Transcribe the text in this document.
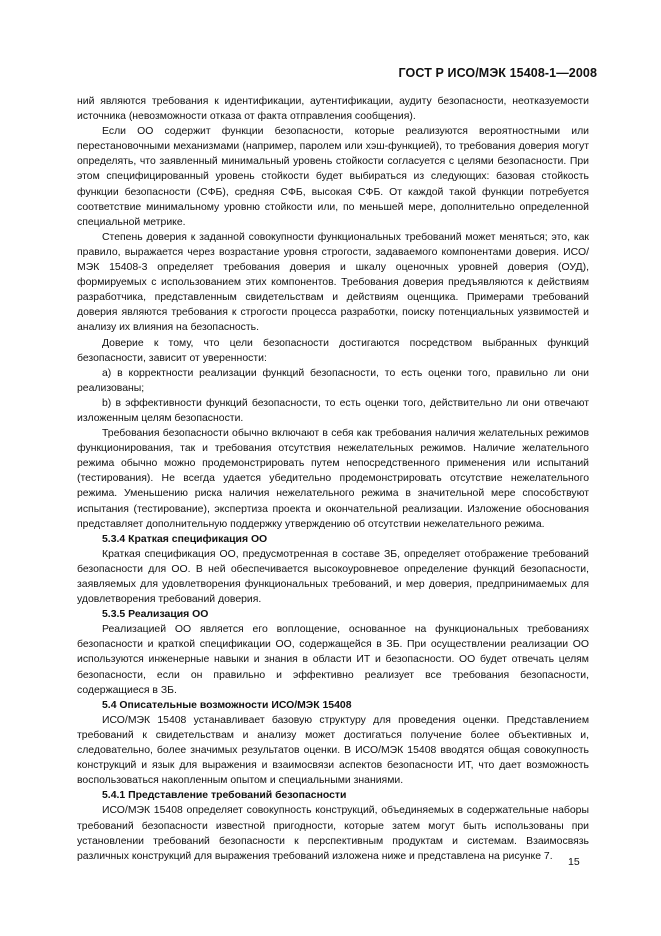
ГОСТ Р ИСО/МЭК 15408-1—2008

ний являются требования к идентификации, аутентификации, аудиту безопасности, неотказуемости источника (невозможности отказа от факта отправления сообщения).

Если ОО содержит функции безопасности, которые реализуются вероятностными или перестановочными механизмами (например, паролем или хэш-функцией), то требования доверия могут определять, что заявленный минимальный уровень стойкости согласуется с целями безопасности. При этом специфицированный уровень стойкости будет выбираться из следующих: базовая стойкость функции безопасности (СФБ), средняя СФБ, высокая СФБ. От каждой такой функции потребуется соответствие минимальному уровню стойкости или, по меньшей мере, дополнительно определенной специальной метрике.

Степень доверия к заданной совокупности функциональных требований может меняться; это, как правило, выражается через возрастание уровня строгости, задаваемого компонентами доверия. ИСО/МЭК 15408-3 определяет требования доверия и шкалу оценочных уровней доверия (ОУД), формируемых с использованием этих компонентов. Требования доверия предъявляются к действиям разработчика, представленным свидетельствам и действиям оценщика. Примерами требований доверия являются требования к строгости процесса разработки, поиску потенциальных уязвимостей и анализу их влияния на безопасность.

Доверие к тому, что цели безопасности достигаются посредством выбранных функций безопасности, зависит от уверенности:

a) в корректности реализации функций безопасности, то есть оценки того, правильно ли они реализованы;

b) в эффективности функций безопасности, то есть оценки того, действительно ли они отвечают изложенным целям безопасности.

Требования безопасности обычно включают в себя как требования наличия желательных режимов функционирования, так и требования отсутствия нежелательных режимов. Наличие желательного режима обычно можно продемонстрировать путем непосредственного применения или испытаний (тестирования). Не всегда удается убедительно продемонстрировать отсутствие нежелательного режима. Уменьшению риска наличия нежелательного режима в значительной мере способствуют испытания (тестирование), экспертиза проекта и окончательной реализации. Изложение обоснования представляет дополнительную поддержку утверждению об отсутствии нежелательного режима.

5.3.4 Краткая спецификация ОО

Краткая спецификация ОО, предусмотренная в составе ЗБ, определяет отображение требований безопасности для ОО. В ней обеспечивается высокоуровневое определение функций безопасности, заявляемых для удовлетворения функциональных требований, и мер доверия, предпринимаемых для удовлетворения требований доверия.

5.3.5 Реализация ОО

Реализацией ОО является его воплощение, основанное на функциональных требованиях безопасности и краткой спецификации ОО, содержащейся в ЗБ. При осуществлении реализации ОО используются инженерные навыки и знания в области ИТ и безопасности. ОО будет отвечать целям безопасности, если он правильно и эффективно реализует все требования безопасности, содержащиеся в ЗБ.

5.4 Описательные возможности ИСО/МЭК 15408

ИСО/МЭК 15408 устанавливает базовую структуру для проведения оценки. Представлением требований к свидетельствам и анализу может достигаться получение более объективных и, следовательно, более значимых результатов оценки. В ИСО/МЭК 15408 вводятся общая совокупность конструкций и язык для выражения и взаимосвязи аспектов безопасности ИТ, что дает возможность воспользоваться накопленным опытом и специальными знаниями.

5.4.1 Представление требований безопасности

ИСО/МЭК 15408 определяет совокупность конструкций, объединяемых в содержательные наборы требований безопасности известной пригодности, которые затем могут быть использованы при установлении требований безопасности к перспективным продуктам и системам. Взаимосвязь различных конструкций для выражения требований изложена ниже и представлена на рисунке 7.	15
